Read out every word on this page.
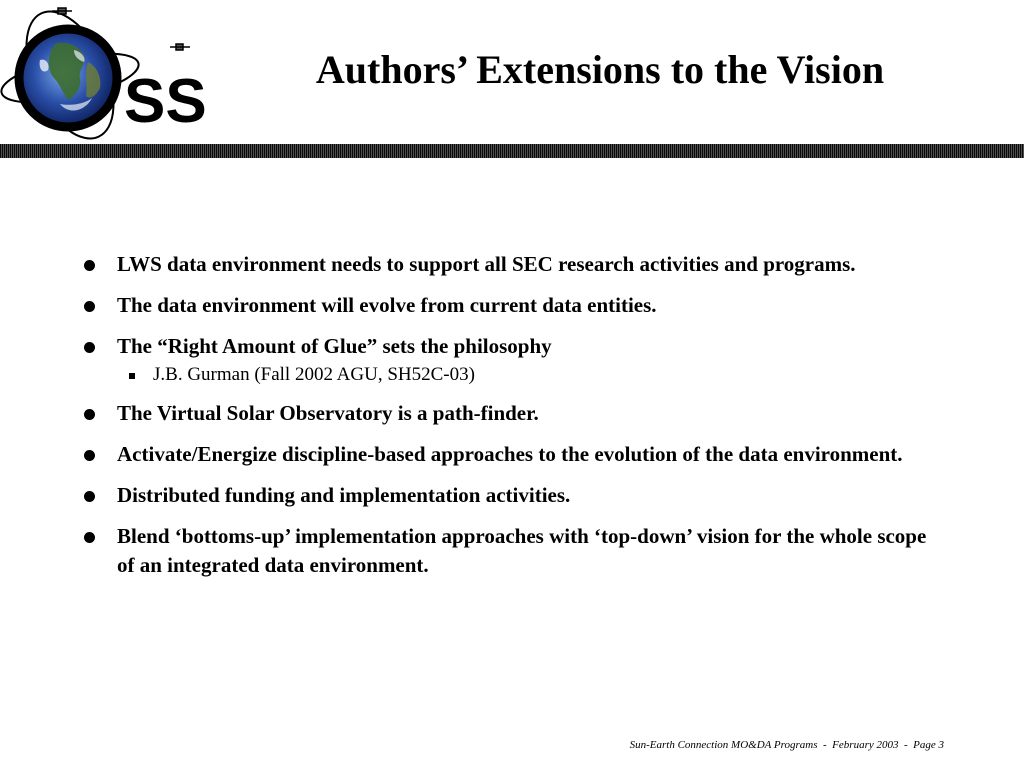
SS	Authors’ Extensions to the Vision
LWS data environment needs to support all SEC research activities and programs.
The data environment will evolve from current data entities.
The “Right Amount of Glue” sets the philosophy
J.B. Gurman (Fall 2002 AGU, SH52C-03)
The Virtual Solar Observatory is a path-finder.
Activate/Energize discipline-based approaches to the evolution of the data environment.
Distributed funding and implementation activities.
Blend ‘bottoms-up’ implementation approaches with ‘top-down’ vision for the whole scope of an integrated data environment.
Sun-Earth Connection MO&DA Programs  -  February 2003  -  Page 3
